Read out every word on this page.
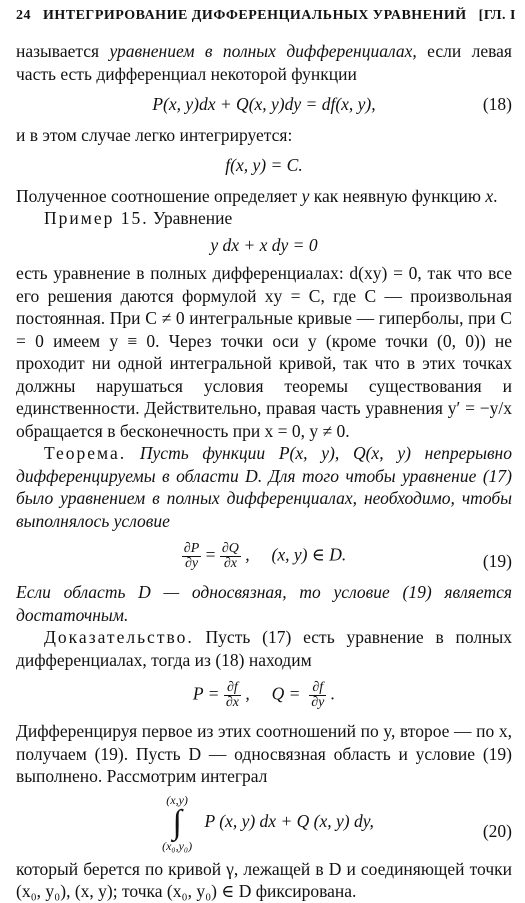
24 ИНТЕГРИРОВАНИЕ ДИФФЕРЕНЦИАЛЬНЫХ УРАВНЕНИЙ [ГЛ. I

называется уравнением в полных дифференциалах, если левая часть есть дифференциал некоторой функции

P(x, y)dx + Q(x, y)dy = df(x, y),	(18)

и в этом случае легко интегрируется:

f(x, y) = C.

Полученное соотношение определяет y как неявную функцию x.

Пример 15. Уравнение

y dx + x dy = 0

есть уравнение в полных дифференциалах: d(xy) = 0, так что все его решения даются формулой xy = C, где C — произвольная постоянная. При C ≠ 0 интегральные кривые — гиперболы, при C = 0 имеем y ≡ 0. Через точки оси y (кроме точки (0, 0)) не проходит ни одной интегральной кривой, так что в этих точках должны нарушаться условия теоремы существования и единственности. Действительно, правая часть уравнения y′ = −y/x обращается в бесконечность при x = 0, y ≠ 0.

Теорема. Пусть функции P(x, y), Q(x, y) непрерывно дифференцируемы в области D. Для того чтобы уравнение (17) было уравнением в полных дифференциалах, необходимо, чтобы выполнялось условие

$\frac{\partial P}{\partial y} = \frac{\partial Q}{\partial x}$ ,     (x, y) ∈ D.	(19)

Если область D — односвязная, то условие (19) является достаточным.

Доказательство. Пусть (17) есть уравнение в полных дифференциалах, тогда из (18) находим

$P = \frac{\partial f}{\partial x}$ ,     $Q = \frac{\partial f}{\partial y}$ .

Дифференцируя первое из этих соотношений по y, второе — по x, получаем (19). Пусть D — односвязная область и условие (19) выполнено. Рассмотрим интеграл

(x,y)
∫
(x₀,y₀)
P (x, y) dx + Q (x, y) dy,	(20)

который берется по кривой γ, лежащей в D и соединяющей точки (x₀, y₀), (x, y); точка (x₀, y₀) ∈ D фиксирована.
